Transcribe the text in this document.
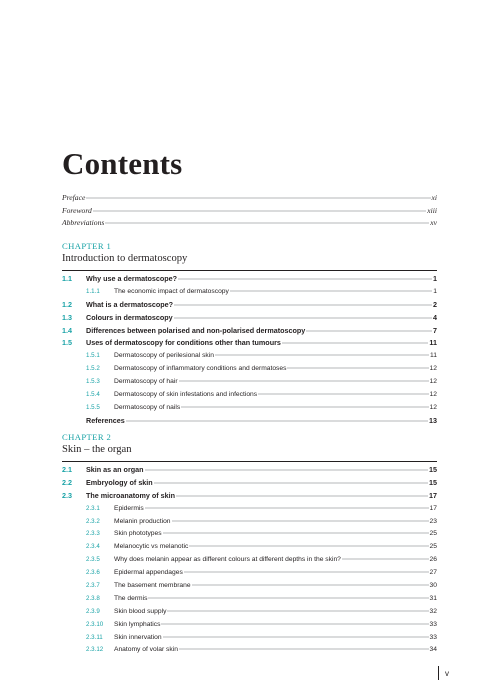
Contents
Preface	xi
Foreword	xiii
Abbreviations	xv
CHAPTER 1
Introduction to dermatoscopy
1.1	Why use a dermatoscope?	1
1.1.1	The economic impact of dermatoscopy	1
1.2	What is a dermatoscope?	2
1.3	Colours in dermatoscopy	4
1.4	Differences between polarised and non-polarised dermatoscopy	7
1.5	Uses of dermatoscopy for conditions other than tumours	11
1.5.1	Dermatoscopy of perilesional skin	11
1.5.2	Dermatoscopy of inflammatory conditions and dermatoses	12
1.5.3	Dermatoscopy of hair	12
1.5.4	Dermatoscopy of skin infestations and infections	12
1.5.5	Dermatoscopy of nails	12
References	13
CHAPTER 2
Skin – the organ
2.1	Skin as an organ	15
2.2	Embryology of skin	15
2.3	The microanatomy of skin	17
2.3.1	Epidermis	17
2.3.2	Melanin production	23
2.3.3	Skin phototypes	25
2.3.4	Melanocytic vs melanotic	25
2.3.5	Why does melanin appear as different colours at different depths in the skin?	26
2.3.6	Epidermal appendages	27
2.3.7	The basement membrane	30
2.3.8	The dermis	31
2.3.9	Skin blood supply	32
2.3.10	Skin lymphatics	33
2.3.11	Skin innervation	33
2.3.12	Anatomy of volar skin	34
v
